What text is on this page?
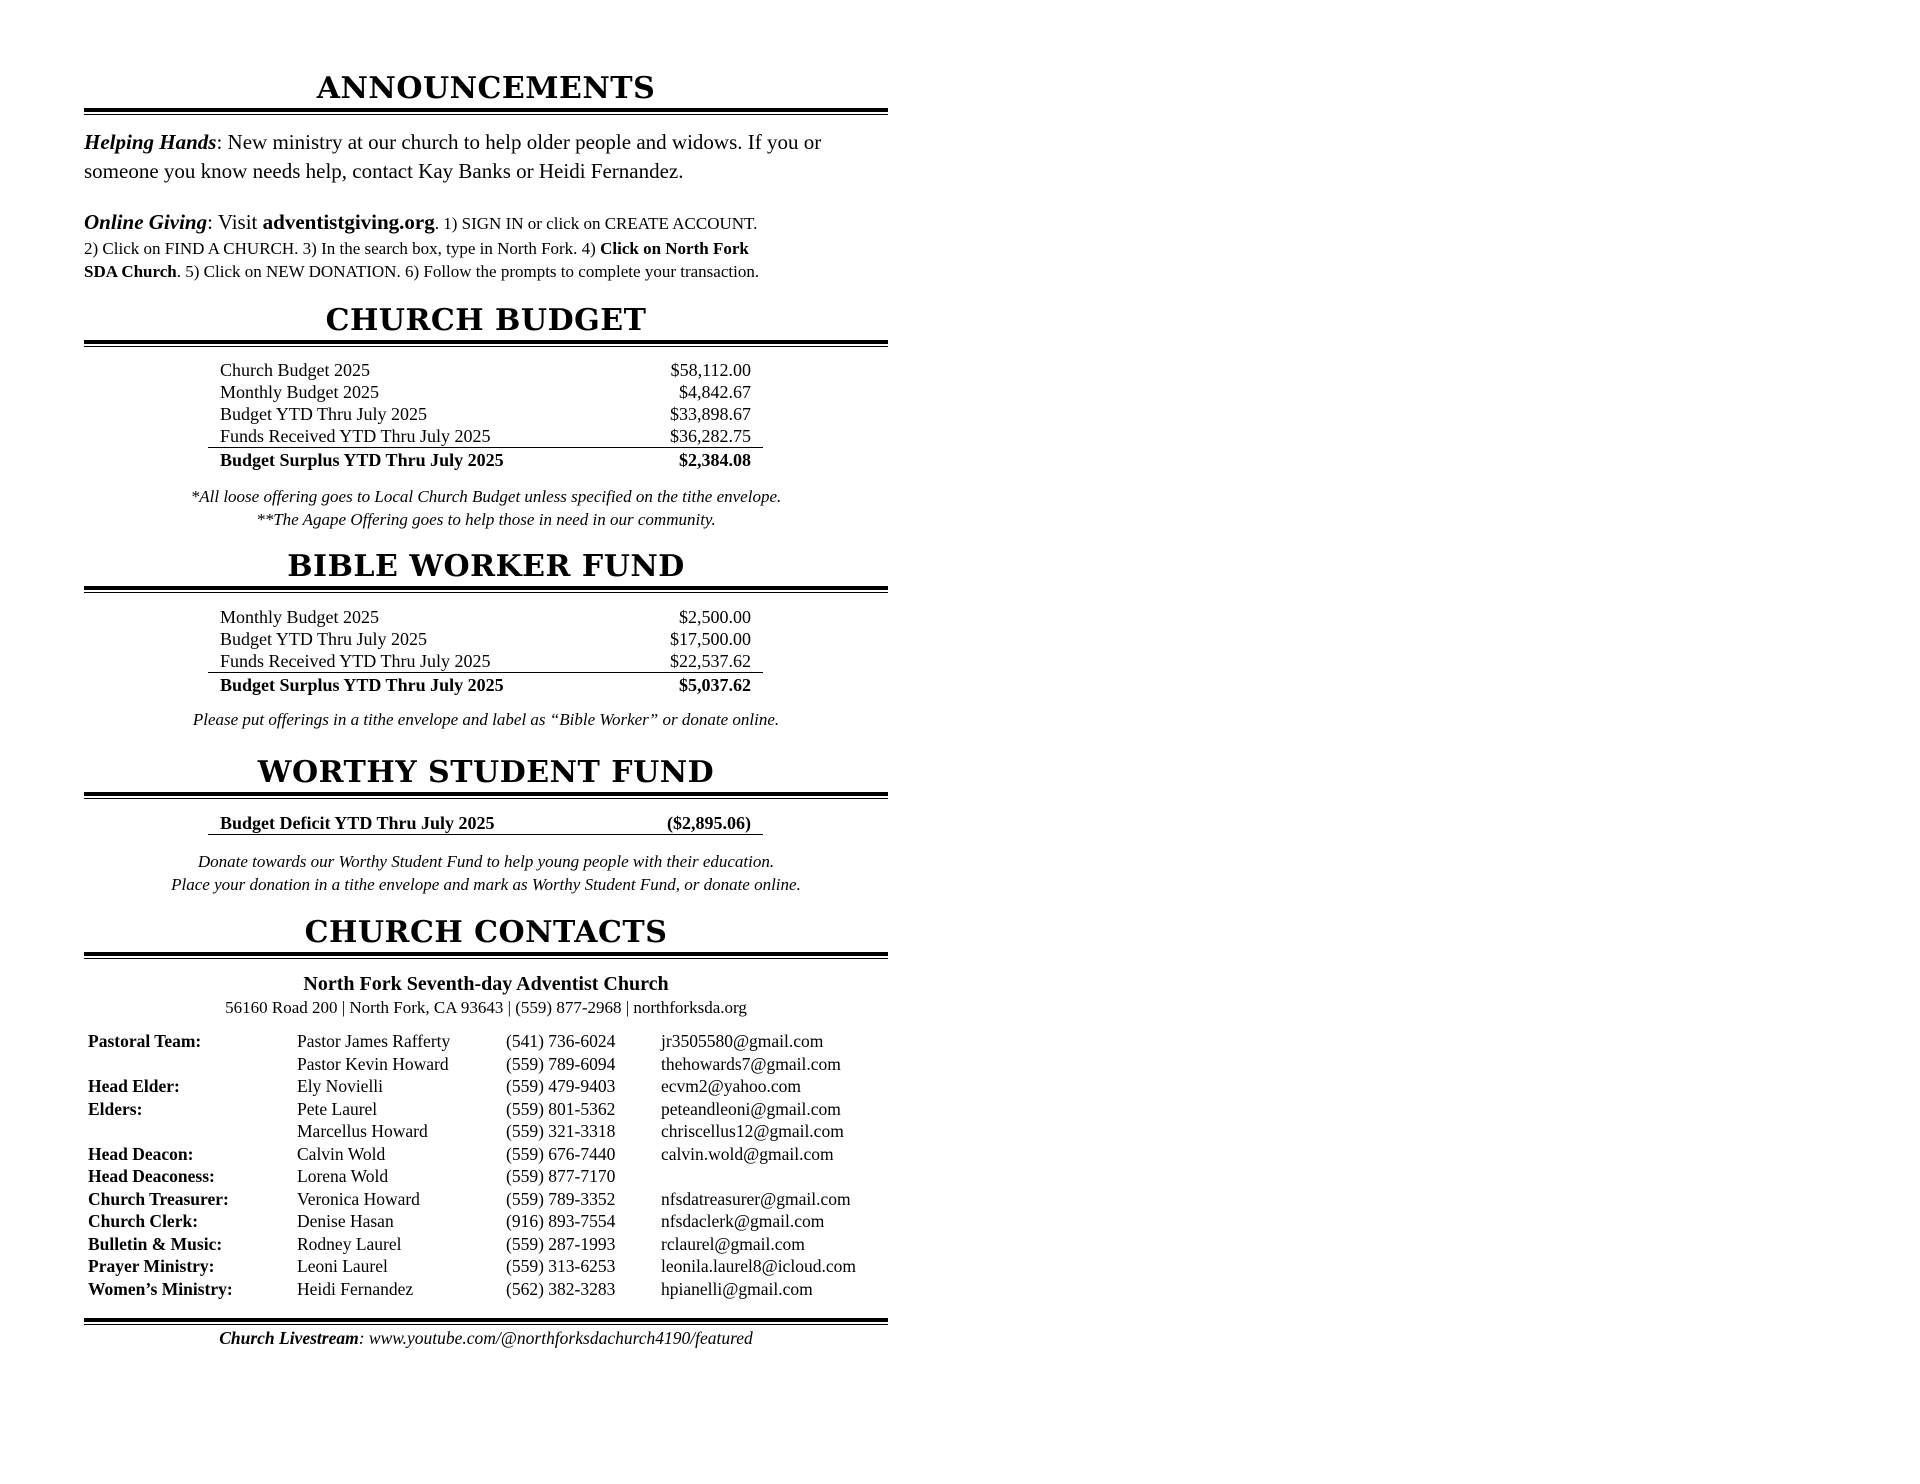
ANNOUNCEMENTS

Helping Hands: New ministry at our church to help older people and widows. If you or someone you know needs help, contact Kay Banks or Heidi Fernandez.

Online Giving: Visit adventistgiving.org. 1) SIGN IN or click on CREATE ACCOUNT.

2) Click on FIND A CHURCH. 3) In the search box, type in North Fork. 4) Click on North Fork

SDA Church. 5) Click on NEW DONATION. 6) Follow the prompts to complete your transaction.

CHURCH BUDGET
Church Budget 2025	$58,112.00
Monthly Budget 2025	$4,842.67
Budget YTD Thru July 2025	$33,898.67
Funds Received YTD Thru July 2025	$36,282.75
Budget Surplus YTD Thru July 2025	$2,384.08

*All loose offering goes to Local Church Budget unless specified on the tithe envelope.

**The Agape Offering goes to help those in need in our community.

BIBLE WORKER FUND
Monthly Budget 2025	$2,500.00
Budget YTD Thru July 2025	$17,500.00
Funds Received YTD Thru July 2025	$22,537.62
Budget Surplus YTD Thru July 2025	$5,037.62

Please put offerings in a tithe envelope and label as “Bible Worker” or donate online.

WORTHY STUDENT FUND
Budget Deficit YTD Thru July 2025	($2,895.06)

Donate towards our Worthy Student Fund to help young people with their education.

Place your donation in a tithe envelope and mark as Worthy Student Fund, or donate online.

CHURCH CONTACTS

North Fork Seventh-day Adventist Church

56160 Road 200 | North Fork, CA 93643 | (559) 877-2968 | northforksda.org

Pastoral Team:	Pastor James Rafferty	(541) 736-6024	jr3505580@gmail.com
	Pastor Kevin Howard	(559) 789-6094	thehowards7@gmail.com
Head Elder:	Ely Novielli	(559) 479-9403	ecvm2@yahoo.com
Elders:	Pete Laurel	(559) 801-5362	peteandleoni@gmail.com
	Marcellus Howard	(559) 321-3318	chriscellus12@gmail.com
Head Deacon:	Calvin Wold	(559) 676-7440	calvin.wold@gmail.com
Head Deaconess:	Lorena Wold	(559) 877-7170	
Church Treasurer:	Veronica Howard	(559) 789-3352	nfsdatreasurer@gmail.com
Church Clerk:	Denise Hasan	(916) 893-7554	nfsdaclerk@gmail.com
Bulletin & Music:	Rodney Laurel	(559) 287-1993	rclaurel@gmail.com
Prayer Ministry:	Leoni Laurel	(559) 313-6253	leonila.laurel8@icloud.com
Women’s Ministry:	Heidi Fernandez	(562) 382-3283	hpianelli@gmail.com

Church Livestream: www.youtube.com/@northforksdachurch4190/featured
